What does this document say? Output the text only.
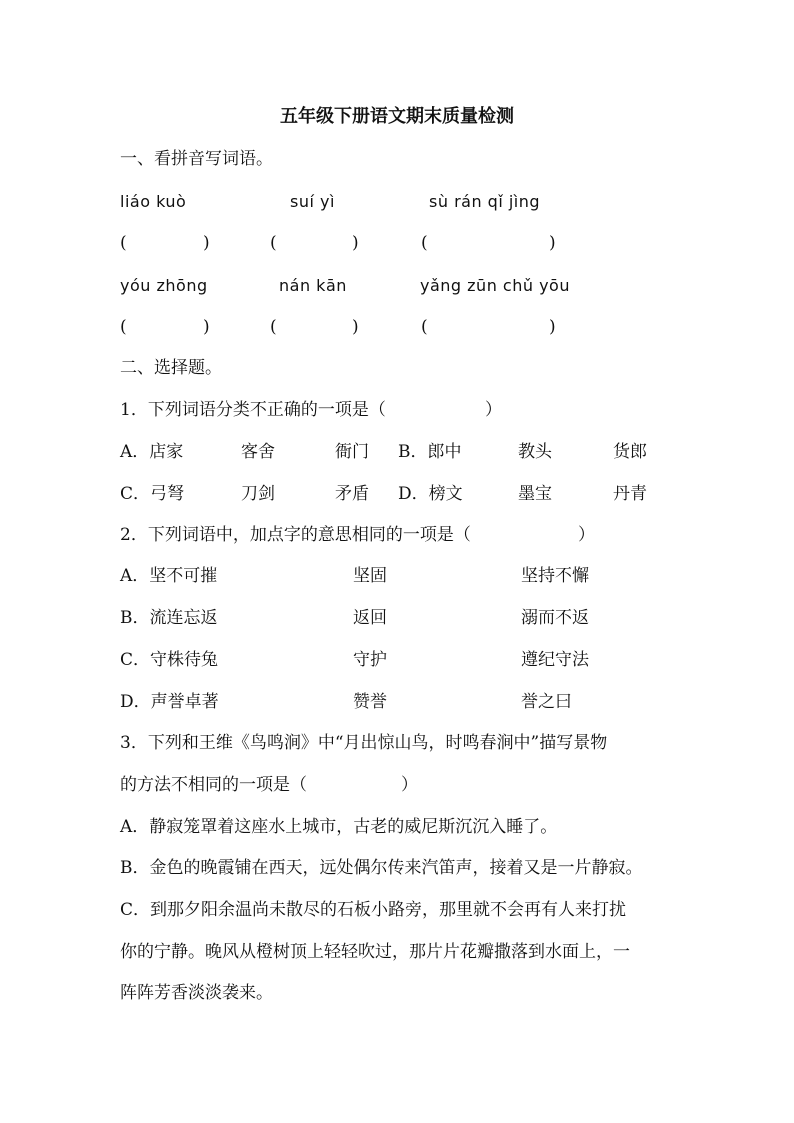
五年级下册语文期末质量检测
一、看拼音写词语。
liáo kuò	suí yì	sù rán qǐ jìng
(	)	(	)	(	)
yóu zhōng	nán kān	yǎng zūn chǔ yōu
(	)	(	)	(	)
二、选择题。
1．下列词语分类不正确的一项是（	）
A．店家	客舍	衙门 B．郎中	教头	货郎
C．弓弩	刀剑	矛盾 D．榜文	墨宝	丹青
2．下列词语中，加点字的意思相同的一项是（	）
A．坚不可摧	坚固	坚持不懈
B．流连忘返	返回	溺而不返
C．守株待兔	守护	遵纪守法
D．声誉卓著	赞誉	誉之曰
3．下列和王维《鸟鸣涧》中“月出惊山鸟，时鸣春涧中”描写景物
的方法不相同的一项是（	）
A．静寂笼罩着这座水上城市，古老的威尼斯沉沉入睡了。
B．金色的晚霞铺在西天，远处偶尔传来汽笛声，接着又是一片静寂。
C．到那夕阳余温尚未散尽的石板小路旁，那里就不会再有人来打扰
你的宁静。晚风从橙树顶上轻轻吹过，那片片花瓣撒落到水面上，一
阵阵芳香淡淡袭来。
